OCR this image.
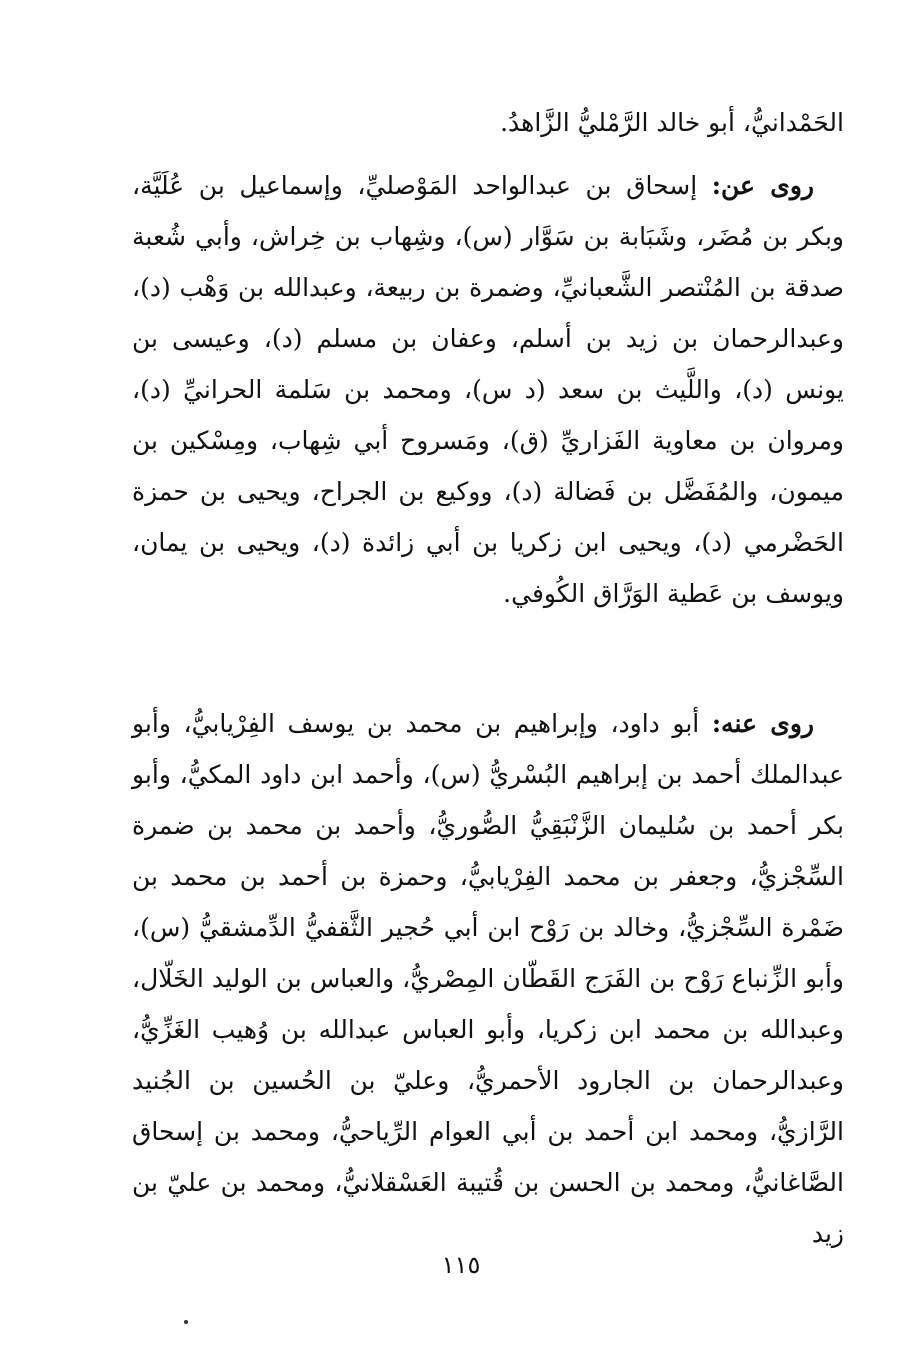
الحَمْدانيُّ، أبو خالد الرَّمْليُّ الزَّاهدُ.
روى عن: إسحاق بن عبدالواحد المَوْصليِّ، وإسماعيل بن عُلَيَّة، وبكر بن مُضَر، وشَبَابة بن سَوَّار (س)، وشِهاب بن خِراش، وأبي شُعبة صدقة بن المُنْتصر الشَّعبانيِّ، وضمرة بن ربيعة، وعبدالله بن وَهْب (د)، وعبدالرحمان بن زيد بن أسلم، وعفان بن مسلم (د)، وعيسى بن يونس (د)، واللَّيث بن سعد (د س)، ومحمد بن سَلمة الحرانيِّ (د)، ومروان بن معاوية الفَزاريِّ (ق)، ومَسروح أبي شِهاب، ومِسْكين بن ميمون، والمُفَضَّل بن فَضالة (د)، ووكيع بن الجراح، ويحيى بن حمزة الحَضْرمي (د)، ويحيى ابن زكريا بن أبي زائدة (د)، ويحيى بن يمان، ويوسف بن عَطية الوَرَّاق الكُوفي.
روى عنه: أبو داود، وإبراهيم بن محمد بن يوسف الفِرْيابيُّ، وأبو عبدالملك أحمد بن إبراهيم البُسْريُّ (س)، وأحمد ابن داود المكيُّ، وأبو بكر أحمد بن سُليمان الزَّنْبَقِيُّ الصُّوريُّ، وأحمد بن محمد بن ضمرة السِّجْزيُّ، وجعفر بن محمد الفِرْيابيُّ، وحمزة بن أحمد بن محمد بن ضَمْرة السِّجْزيُّ، وخالد بن رَوْح ابن أبي حُجير الثَّقفيُّ الدِّمشقيُّ (س)، وأبو الزِّنباع رَوْح بن الفَرَج القَطّان المِصْريُّ، والعباس بن الوليد الخَلّال، وعبدالله بن محمد ابن زكريا، وأبو العباس عبدالله بن وُهيب الغَزِّيُّ، وعبدالرحمان بن الجارود الأحمريُّ، وعليّ بن الحُسين بن الجُنيد الرَّازيُّ، ومحمد ابن أحمد بن أبي العوام الرِّياحيُّ، ومحمد بن إسحاق الصَّاغانيُّ، ومحمد بن الحسن بن قُتيبة العَسْقلانيُّ، ومحمد بن عليّ بن زيد
١١٥
